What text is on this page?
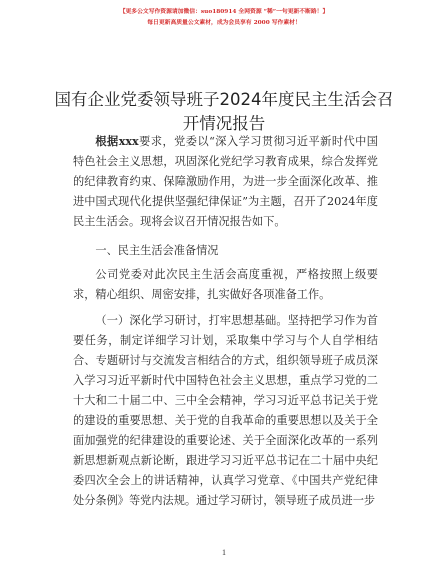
【更多公文写作资源请加微信：suo180914 全网资源 “稀”一句更新不断路！】
每日更新高质量公文素材，成为会员享有 2000 写作素材！
国有企业党委领导班子2024年度民主生活会召开情况报告

根据xxx要求，党委以“深入学习贯彻习近平新时代中国特色社会主义思想，巩固深化党纪学习教育成果，综合发挥党的纪律教育约束、保障激励作用，为进一步全面深化改革、推进中国式现代化提供坚强纪律保证”为主题，召开了2024年度民主生活会。现将会议召开情况报告如下。

一、民主生活会准备情况

公司党委对此次民主生活会高度重视，严格按照上级要求，精心组织、周密安排，扎实做好各项准备工作。

（一）深化学习研讨，打牢思想基础。坚持把学习作为首要任务，制定详细学习计划，采取集中学习与个人自学相结合、专题研讨与交流发言相结合的方式，组织领导班子成员深入学习习近平新时代中国特色社会主义思想，重点学习党的二十大和二十届二中、三中全会精神，学习习近平总书记关于党的建设的重要思想、关于党的自我革命的重要思想以及关于全面加强党的纪律建设的重要论述、关于全面深化改革的一系列新思想新观点新论断，跟进学习习近平总书记在二十届中央纪委四次全会上的讲话精神，认真学习党章、《中国共产党纪律处分条例》等党内法规。通过学习研讨，领导班子成员进一步

1
